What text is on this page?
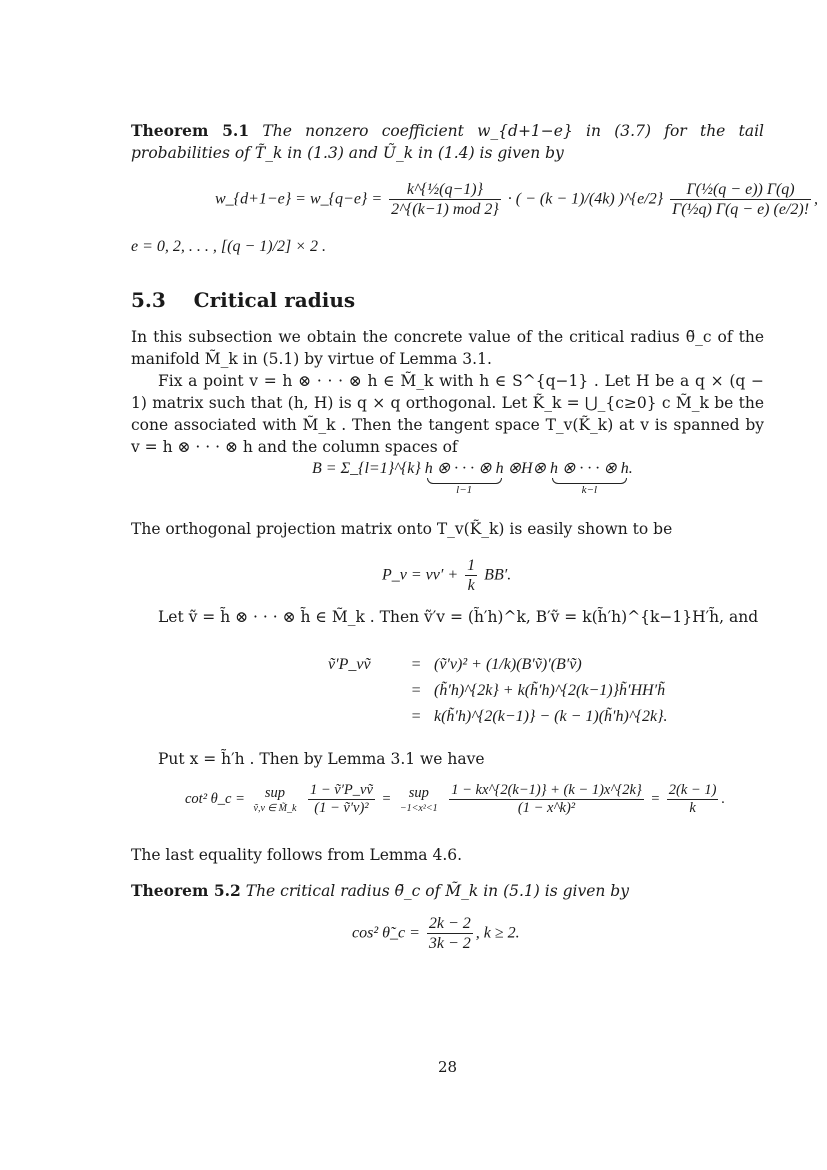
Theorem 5.1 The nonzero coefficient w_{d+1−e} in (3.7) for the tail probabilities of T̃_k in (1.3) and Ũ_k in (1.4) is given by
w_{d+1−e} = w_{q−e} = $\frac{\text{k\textasciicircum{}\{½(q−1)\}}}{\text{2\textasciicircum{}\{(k−1) mod 2\}}}$ · ( − (k − 1)/(4k) )^{e/2} $\frac{\text{Γ(½(q − e)) Γ(q)}}{\text{Γ(½q) Γ(q − e) (e/2)!}}$ ,
e = 0, 2, . . . , [(q − 1)/2] × 2 .
5.3 Critical radius
In this subsection we obtain the concrete value of the critical radius θ̃_c of the manifold M̃_k in (5.1) by virtue of Lemma 3.1.
Fix a point v = h ⊗ · · · ⊗ h ∈ M̃_k with h ∈ S^{q−1} . Let H be a q × (q − 1) matrix such that (h, H) is q × q orthogonal. Let K̃_k = ⋃_{c≥0} c M̃_k be the cone associated with M̃_k . Then the tangent space T_v(K̃_k) at v is spanned by v = h ⊗ · · · ⊗ h and the column spaces of
B = Σ_{l=1}^{k} h ⊗ · · · ⊗ h
l−1
⊗H⊗ h ⊗ · · · ⊗ h
k−l
.
The orthogonal projection matrix onto T_v(K̃_k) is easily shown to be
P_v = $vv' + \frac{1}{k} BB'$.
Let ṽ = h̃ ⊗ · · · ⊗ h̃ ∈ M̃_k . Then ṽ′v = (h̃′h)^k, B′ṽ = k(h̃′h)^{k−1}H′h̃, and
ṽ′P_vṽ	= (ṽ′v)² + (1/k)(B′ṽ)′(B′ṽ)
= (h̃′h)^{2k} + k(h̃′h)^{2(k−1)}h̃′HH′h̃
= k(h̃′h)^{2(k−1)} − (k − 1)(h̃′h)^{2k}.
Put x = h̃′h . Then by Lemma 3.1 we have
cot² θ_c =	sup
ṽ,v ∈ M̃_k
$\frac{\text{1 − ṽ′P\_vṽ}}{\text{(1 − ṽ′v)²}}$ =	sup
−1<x²<1
$\frac{1 - kx\^{}\{2(k-1)\} + (k - 1)x\^{}\{2k\}}{\text{(1 − x\textasciicircum{}k)²}} = \frac{2(k - 1)}{k}$ .
The last equality follows from Lemma 4.6.
Theorem 5.2 The critical radius θ̃_c of M̃_k in (5.1) is given by
cos² θ̃_c = $\frac{2k - 2}{3k - 2}$ , k ≥ 2.
28
